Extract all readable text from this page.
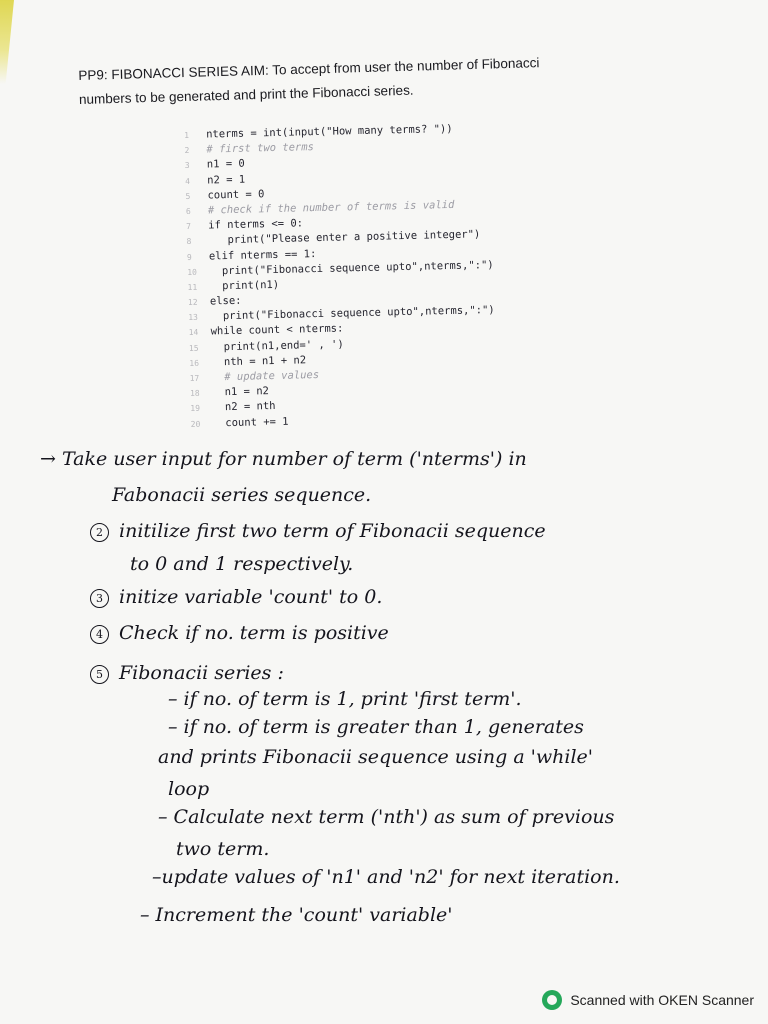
PP9: FIBONACCI SERIES AIM: To accept from user the number of Fibonacci
numbers to be generated and print the Fibonacci series.
1	nterms = int(input("How many terms? "))
2	# first two terms
3	n1 = 0
4	n2 = 1
5	count = 0
6	# check if the number of terms is valid
7	if nterms <= 0:
8	print("Please enter a positive integer")
9	elif nterms == 1:
10	print("Fibonacci sequence upto",nterms,":")
11	print(n1)
12	else:
13	print("Fibonacci sequence upto",nterms,":")
14	while count < nterms:
15	print(n1,end=' , ')
16	nth = n1 + n2
17	# update values
18	n1 = n2
19	n2 = nth
20	count += 1
→ Take user input for number of term ('nterms') in
Fabonacii series sequence.
2 initilize first two term of Fibonacii sequence
to 0 and 1 respectively.
3 initize variable 'count' to 0.
4 Check if no. term is positive
5 Fibonacii series :
– if no. of term is 1, print 'first term'.
– if no. of term is greater than 1, generates
and prints Fibonacii sequence using a 'while'
loop
– Calculate next term ('nth') as sum of previous
two term.
–update values of 'n1' and 'n2' for next iteration.
– Increment the 'count' variable'
Scanned with OKEN Scanner
